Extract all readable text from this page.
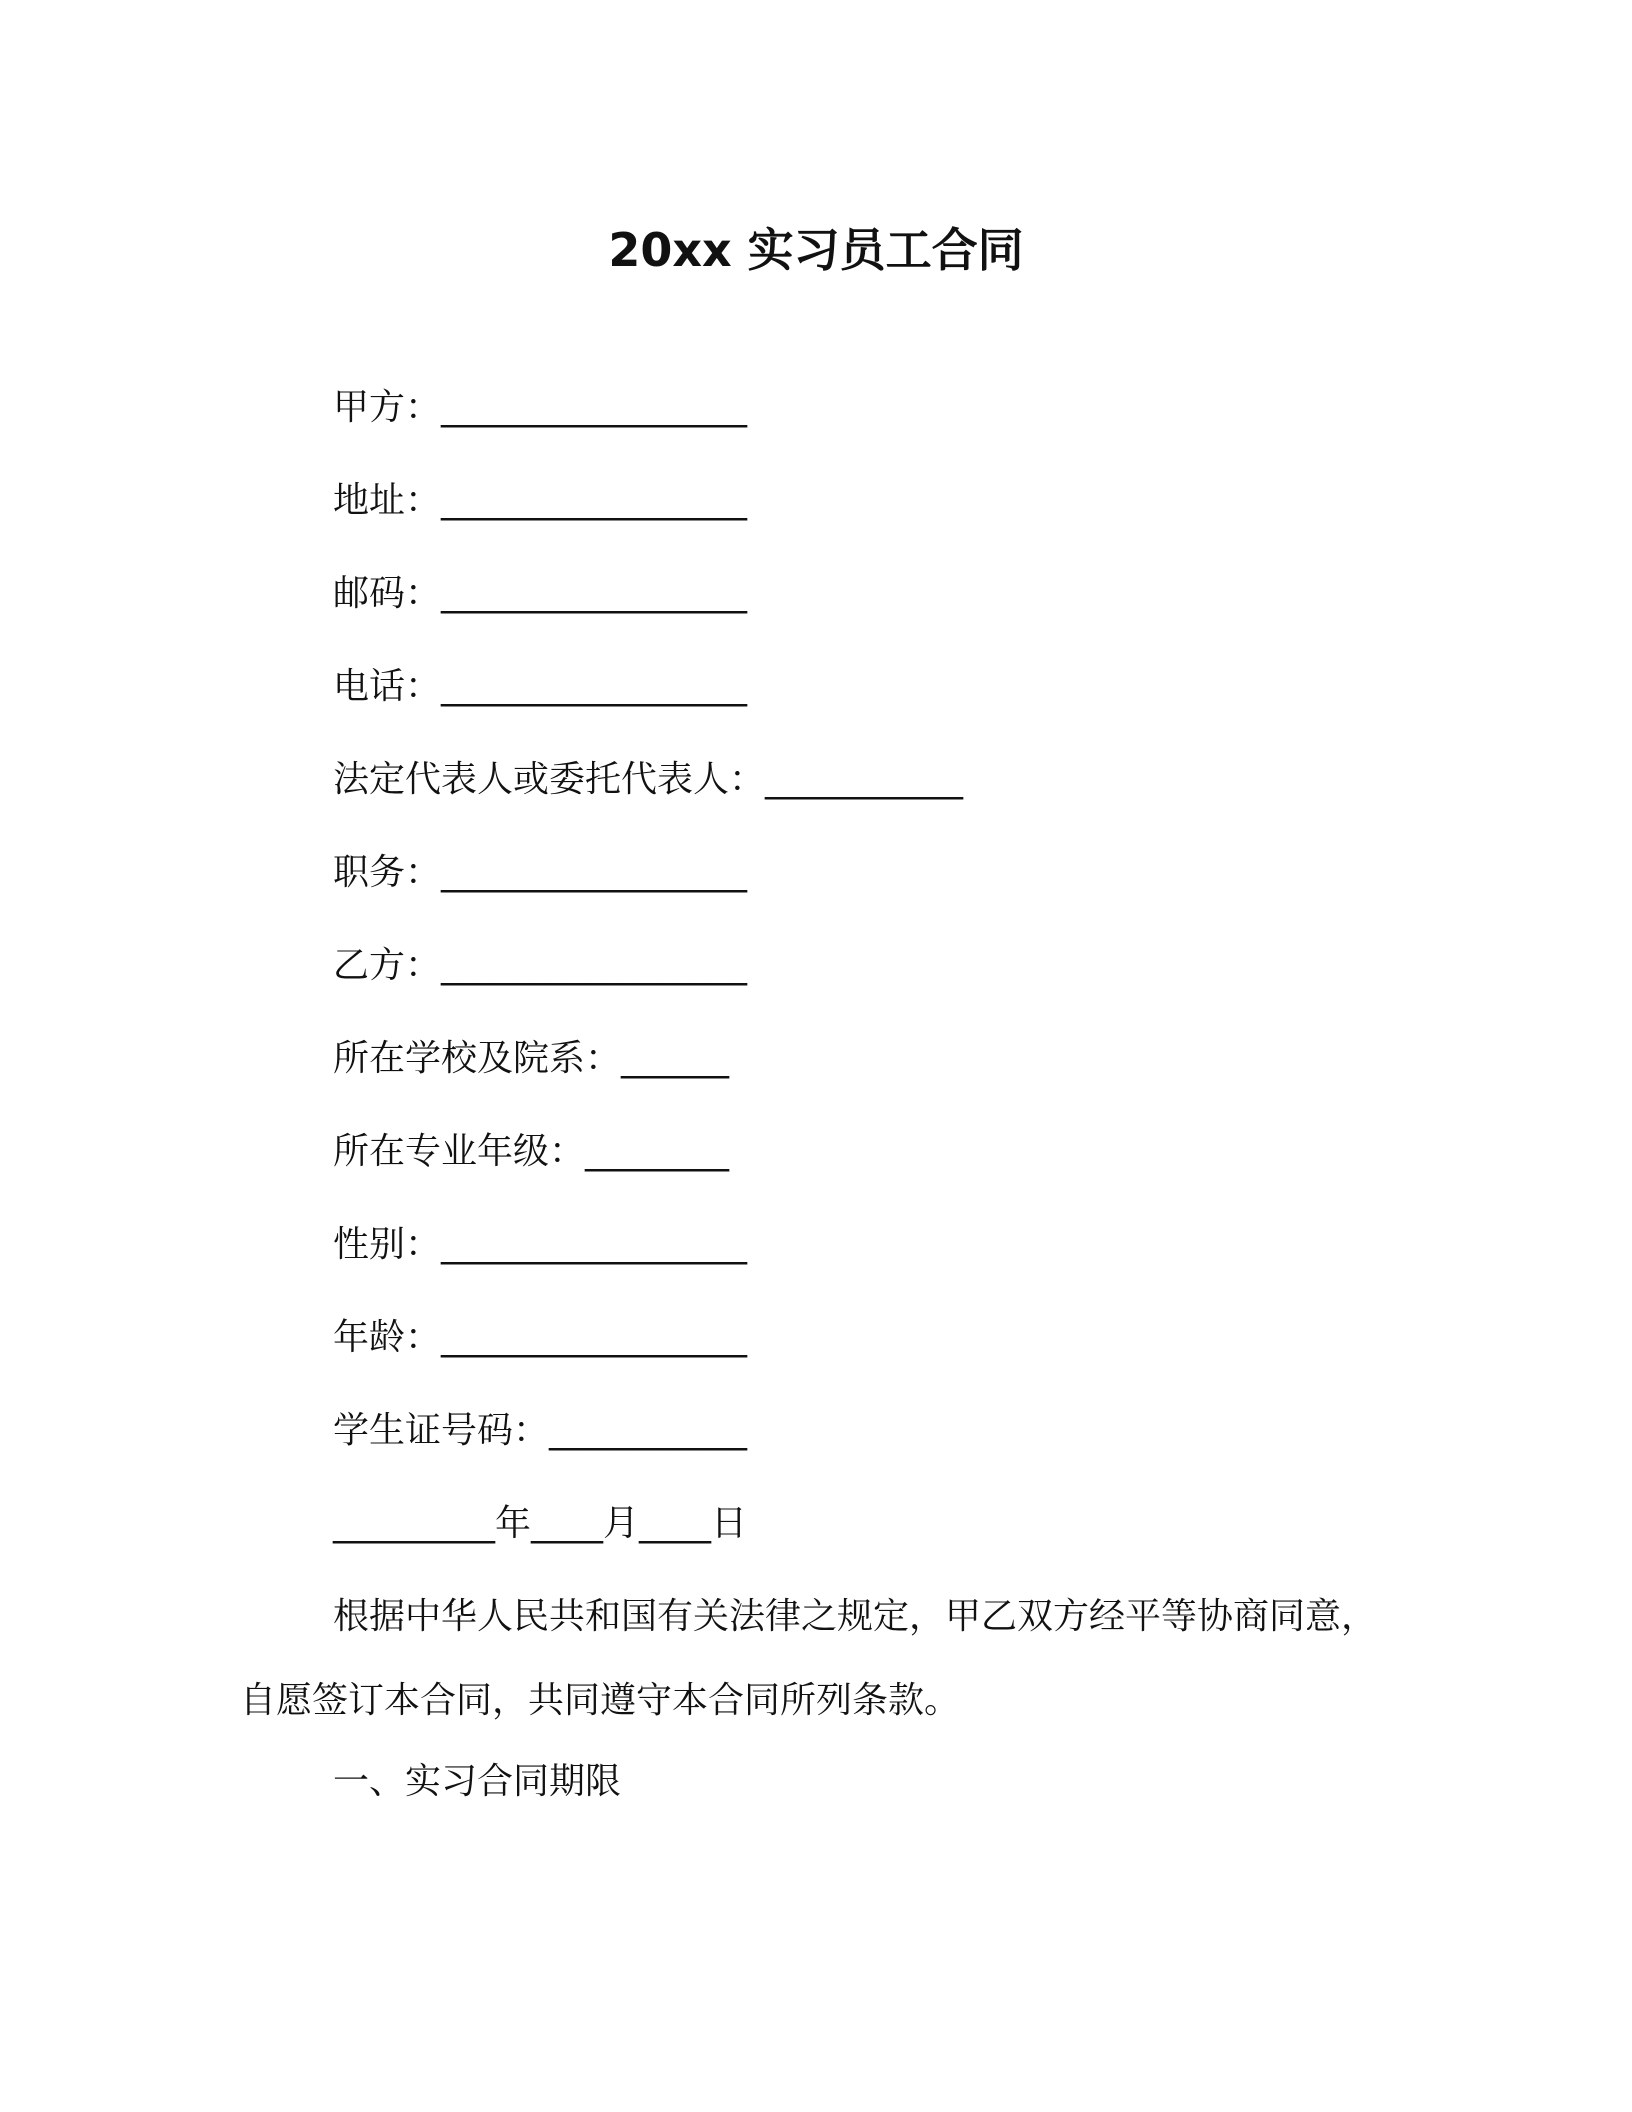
20xx 实习员工合同
甲方：_________________
地址：_________________
邮码：_________________
电话：_________________
法定代表人或委托代表人：___________
职务：_________________
乙方：_________________
所在学校及院系：______
所在专业年级：________
性别：_________________
年龄：_________________
学生证号码：___________
_________年____月____日
根据中华人民共和国有关法律之规定，甲乙双方经平等协商同意，
自愿签订本合同，共同遵守本合同所列条款。
一、实习合同期限
